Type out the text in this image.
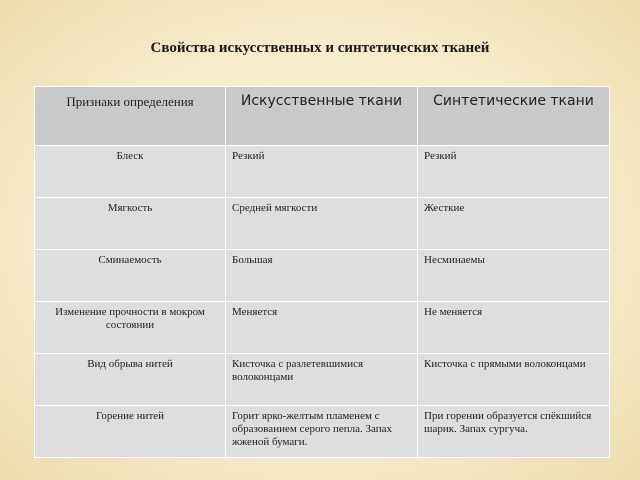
Свойства искусственных и синтетических тканей
Признаки определения	Искусственные ткани	Синтетические ткани
Блеск	Резкий	Резкий
Мягкость	Средней мягкости	Жесткие
Сминаемость	Большая	Несминаемы
Изменение прочности в мокром состоянии	Меняется	Не меняется
Вид обрыва нитей	Кисточка с разлетевшимися волоконцами	Кисточка с прямыми волоконцами
Горение нитей	Горит ярко-желтым пламенем с образованием серого пепла. Запах жженой бумаги.	При горении образуется спёкшийся шарик. Запах сургуча.
